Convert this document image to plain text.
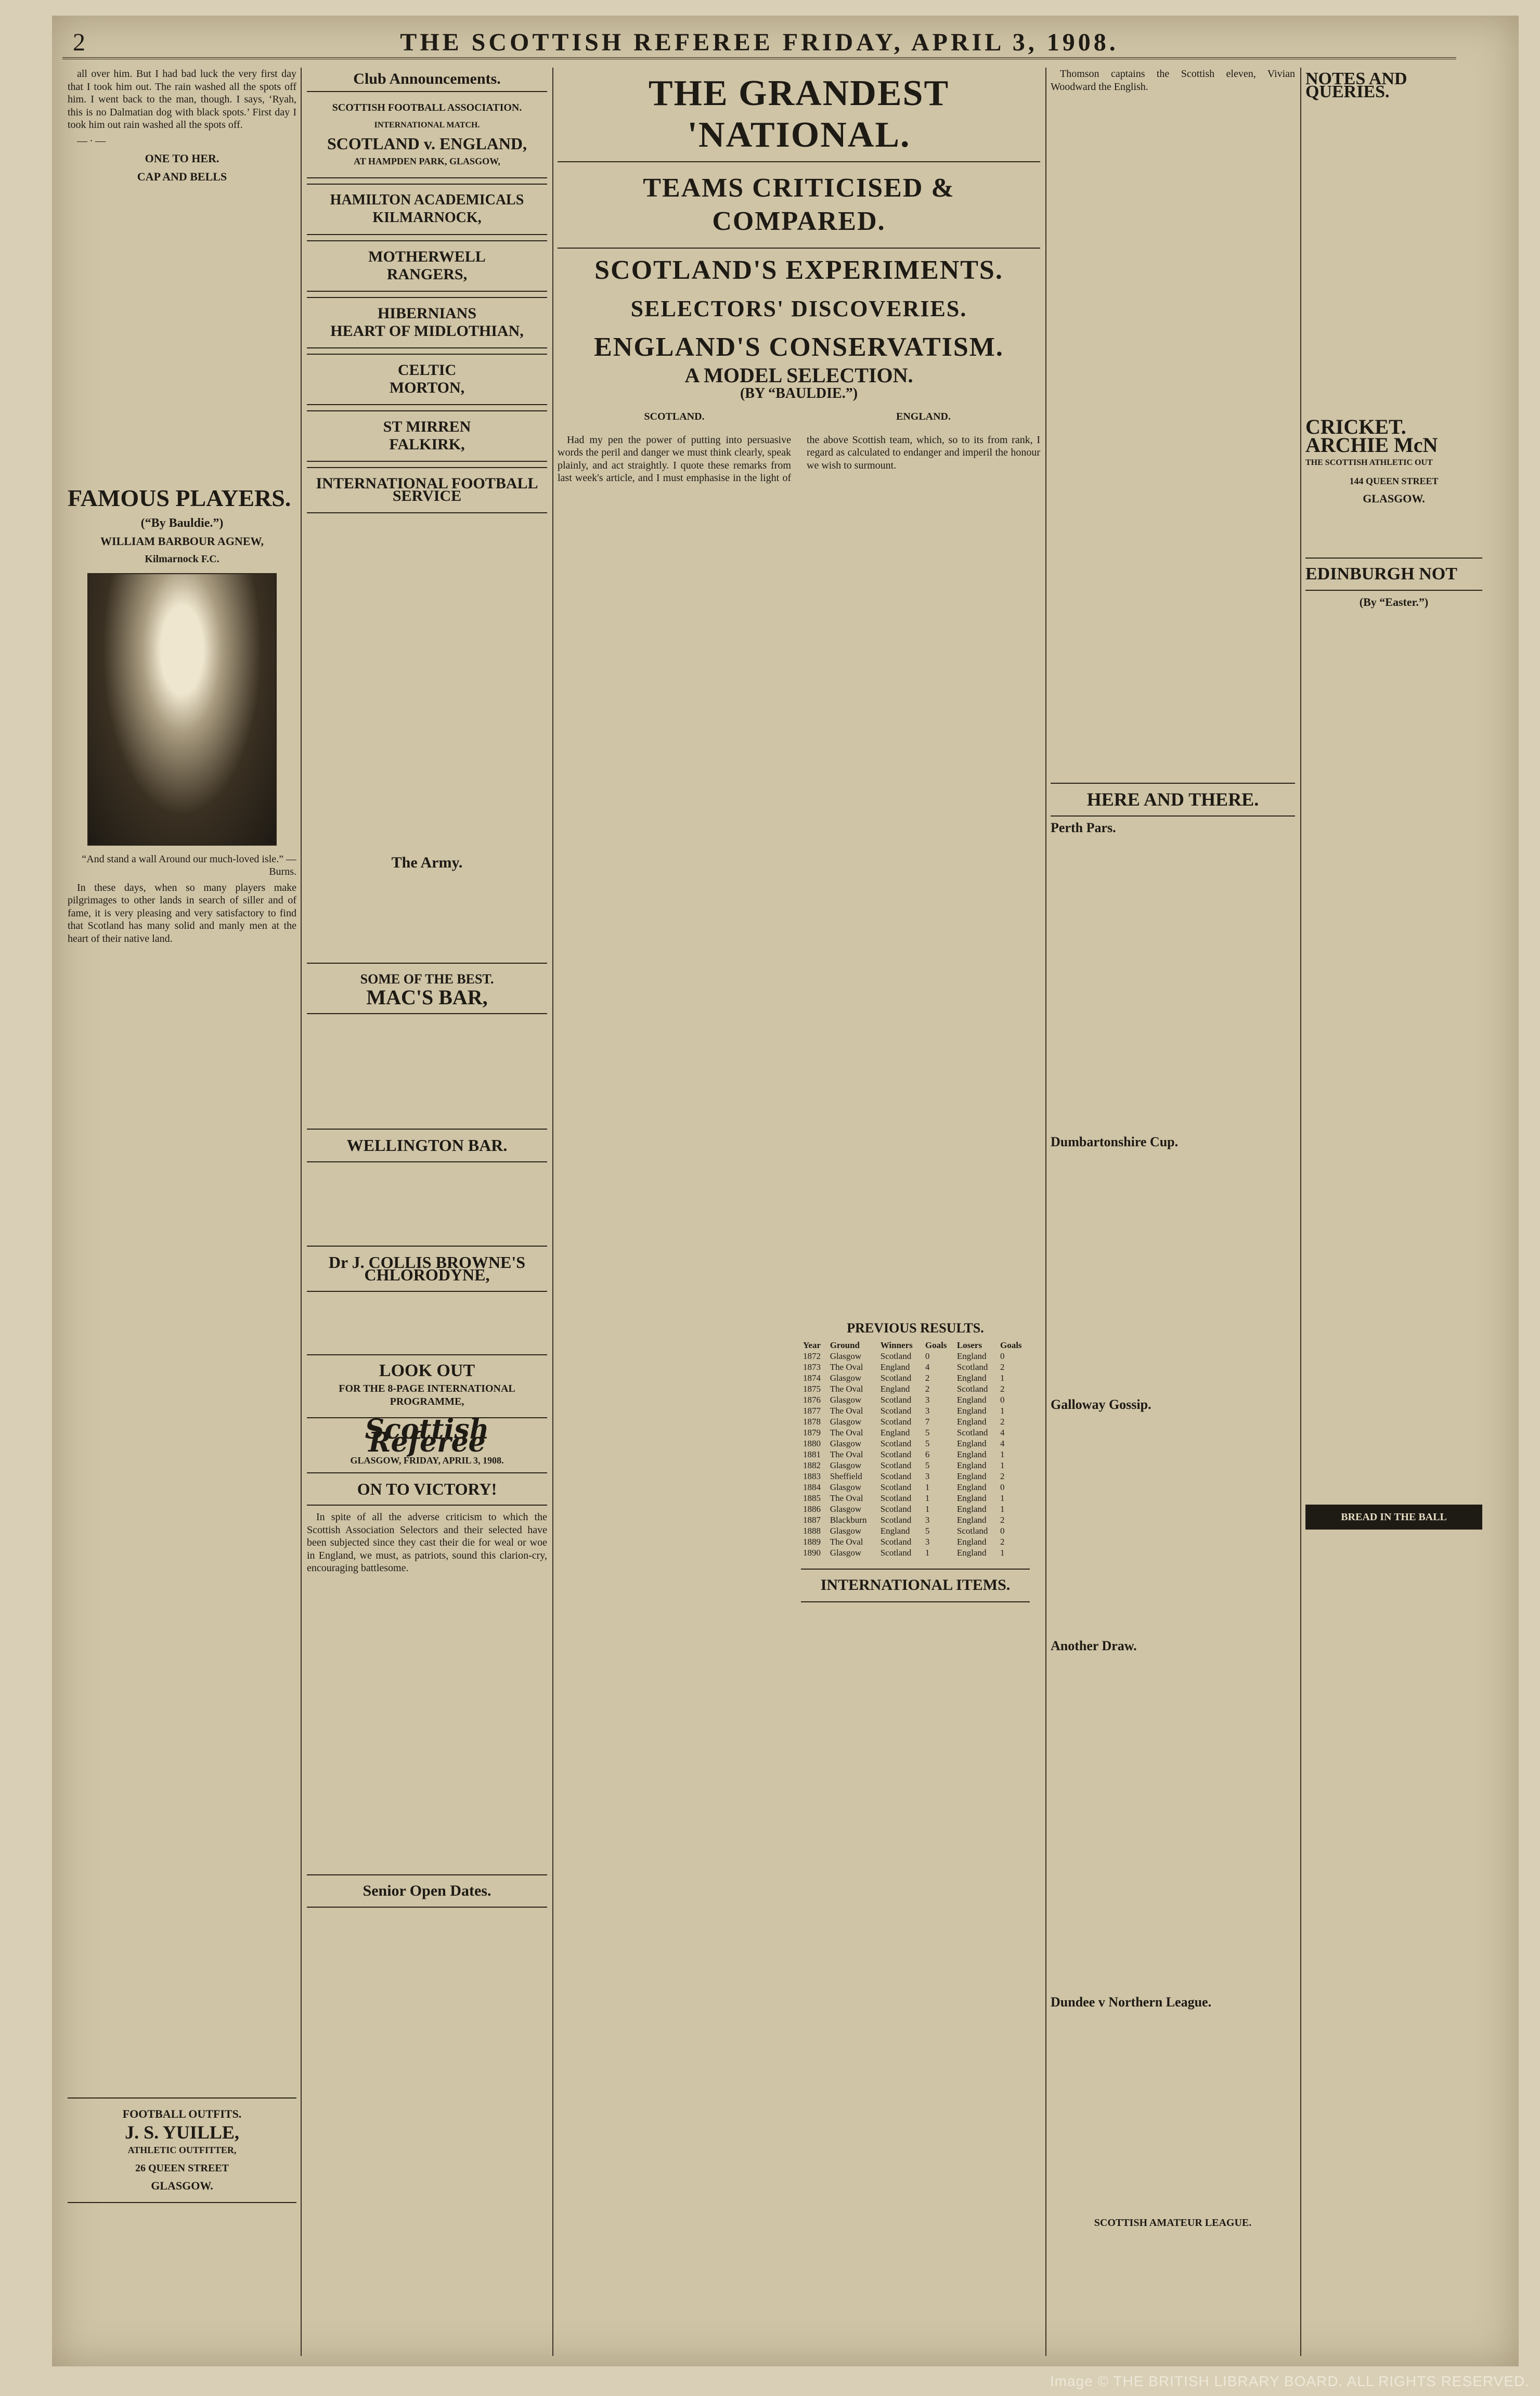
2	THE SCOTTISH REFEREE FRIDAY, APRIL 3, 1908.

all over him. But I had bad luck the very first day that I took him out. The rain washed all the spots off him. I went back to the man, though. I says, ‘Ryah, this is no Dalmatian dog with black spots.’ First day I took him out rain washed all the spots off.

— ∙ —

ONE TO HER.
CAP AND BELLS
FAMOUS PLAYERS.
(“By Bauldie.”)
WILLIAM BARBOUR AGNEW,
Kilmarnock F.C.

“And stand a wall Around our much-loved isle.” —Burns.

In these days, when so many players make pilgrimages to other lands in search of siller and of fame, it is very pleasing and very satisfactory to find that Scotland has many solid and manly men at the heart of their native land.

FOOTBALL OUTFITS.
J. S. YUILLE,
ATHLETIC OUTFITTER,
26 QUEEN STREET
GLASGOW.
Club Announcements.
SCOTTISH FOOTBALL ASSOCIATION.
INTERNATIONAL MATCH.
SCOTLAND v. ENGLAND,
AT HAMPDEN PARK, GLASGOW,
HAMILTON ACADEMICALS
KILMARNOCK,
MOTHERWELL
RANGERS,
HIBERNIANS
HEART OF MIDLOTHIAN,
CELTIC
MORTON,
ST MIRREN
FALKIRK,
INTERNATIONAL FOOTBALL SERVICE
The Army.
SOME OF THE BEST.
MAC'S BAR,
WELLINGTON BAR.
Dr J. COLLIS BROWNE'S CHLORODYNE,
LOOK OUT
FOR THE 8-PAGE INTERNATIONAL PROGRAMME,
Scottish Referee
GLASGOW, FRIDAY, APRIL 3, 1908.
ON TO VICTORY!

In spite of all the adverse criticism to which the Scottish Association Selectors and their selected have been subjected since they cast their die for weal or woe in England, we must, as patriots, sound this clarion‑cry, encouraging battlesome.

Senior Open Dates.
THE GRANDEST 'NATIONAL.
TEAMS CRITICISED & COMPARED.
SCOTLAND'S EXPERIMENTS.
SELECTORS' DISCOVERIES.
ENGLAND'S CONSERVATISM.
A MODEL SELECTION.
(BY “BAULDIE.”)
SCOTLAND.	ENGLAND.

Had my pen the power of putting into persuasive words the peril and danger we must think clearly, speak plainly, and act straightly. I quote these remarks from last week's article, and I must emphasise in the light of the above Scottish team, which, so to its from rank, I regard as calculated to endanger and imperil the honour we wish to surmount.

PREVIOUS RESULTS.
Year	Ground	Winners	Goals	Losers	Goals
1872	Glasgow	Scotland	0	England	0
1873	The Oval	England	4	Scotland	2
1874	Glasgow	Scotland	2	England	1
1875	The Oval	England	2	Scotland	2
1876	Glasgow	Scotland	3	England	0
1877	The Oval	Scotland	3	England	1
1878	Glasgow	Scotland	7	England	2
1879	The Oval	England	5	Scotland	4
1880	Glasgow	Scotland	5	England	4
1881	The Oval	Scotland	6	England	1
1882	Glasgow	Scotland	5	England	1
1883	Sheffield	Scotland	3	England	2
1884	Glasgow	Scotland	1	England	0
1885	The Oval	Scotland	1	England	1
1886	Glasgow	Scotland	1	England	1
1887	Blackburn	Scotland	3	England	2
1888	Glasgow	England	5	Scotland	0
1889	The Oval	Scotland	3	England	2
1890	Glasgow	Scotland	1	England	1
INTERNATIONAL ITEMS.

Thomson captains the Scottish eleven, Vivian Woodward the English.

HERE AND THERE.
Perth Pars.
Dumbartonshire Cup.
Galloway Gossip.
Another Draw.
Dundee v Northern League.
SCOTTISH AMATEUR LEAGUE.
NOTES AND QUERIES.
CRICKET.
ARCHIE McN
THE SCOTTISH ATHLETIC OUT
144 QUEEN STREET
GLASGOW.
EDINBURGH NOT
(By “Easter.”)
BREAD IN THE BALL
Image © THE BRITISH LIBRARY BOARD. ALL RIGHTS RESERVED.
